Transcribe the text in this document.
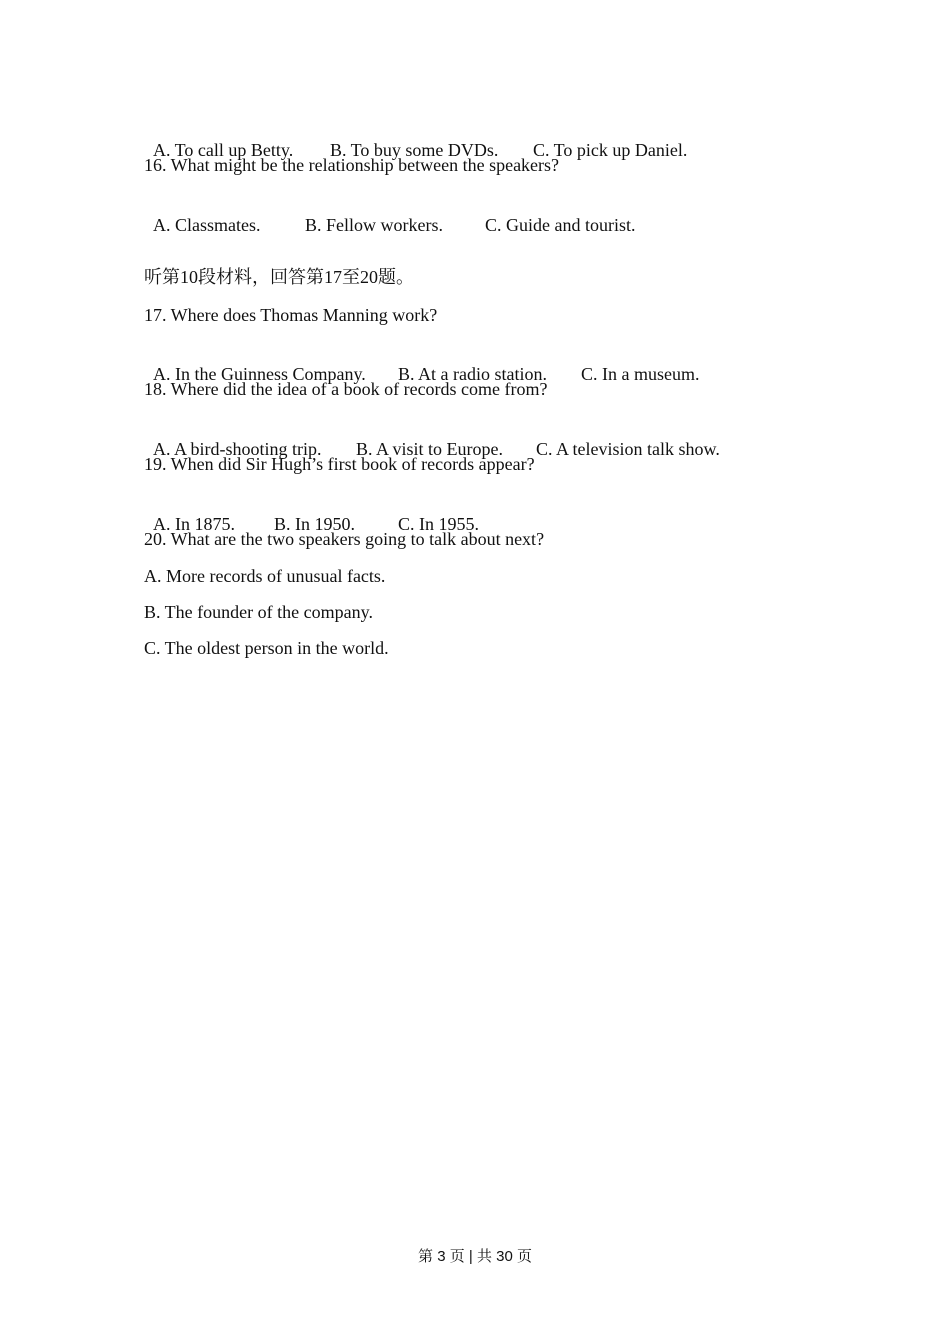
A. To call up Betty. B. To buy some DVDs. C. To pick up Daniel.

16. What might be the relationship between the speakers?

A. Classmates. B. Fellow workers. C. Guide and tourist.

听第10段材料，回答第17至20题。
17. Where does Thomas Manning work?

A. In the Guinness Company. B. At a radio station. C. In a museum.

18. Where did the idea of a book of records come from?

A. A bird-shooting trip. B. A visit to Europe. C. A television talk show.

19. When did Sir Hugh’s first book of records appear?

A. In 1875. B. In 1950. C. In 1955.

20. What are the two speakers going to talk about next?
A. More records of unusual facts.
B. The founder of the company.
C. The oldest person in the world.
第 3 页 | 共 30 页
